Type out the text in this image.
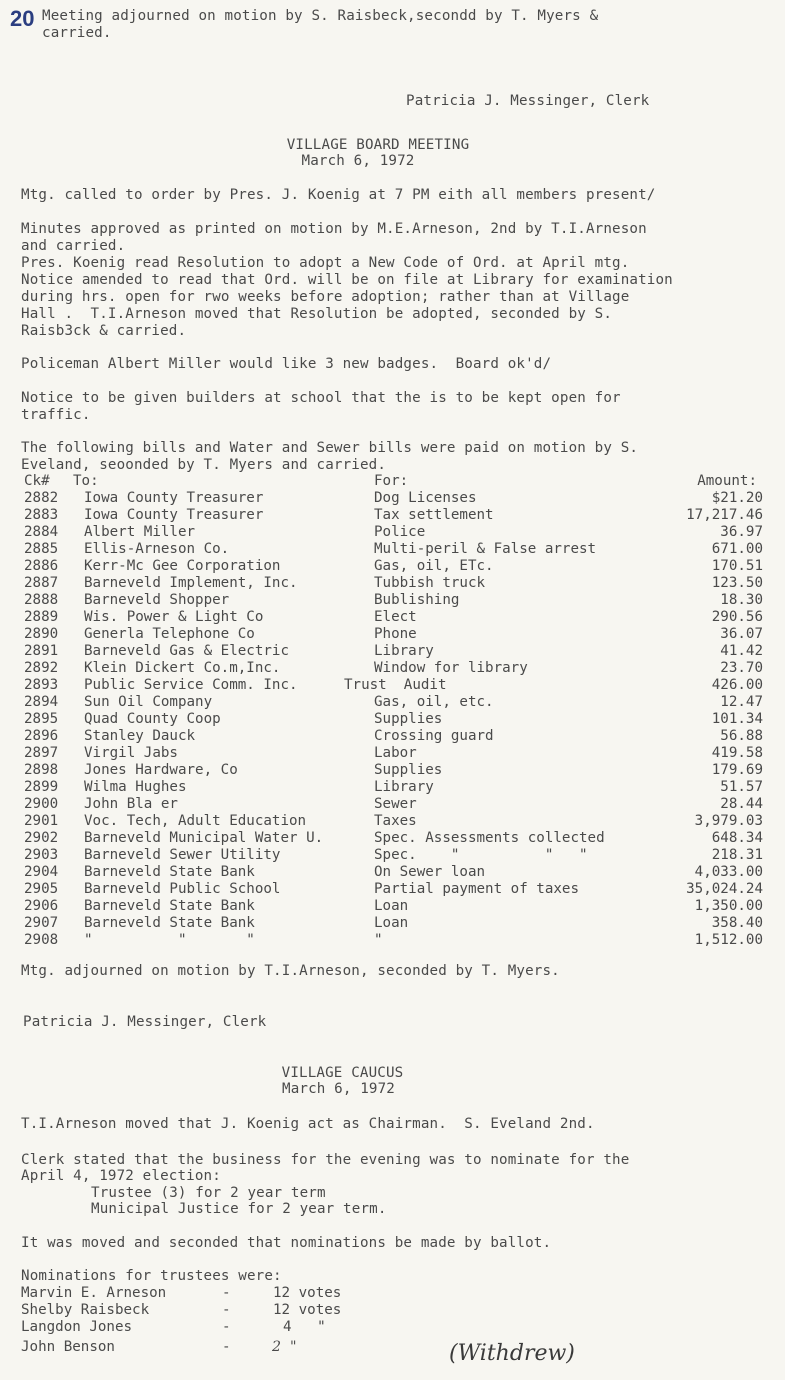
20 Meeting adjourned on motion by S. Raisbeck,secondd by T. Myers &
carried.
Patricia J. Messinger, Clerk
VILLAGE BOARD MEETING
March 6, 1972
Mtg. called to order by Pres. J. Koenig at 7 PM eith all members present/
Minutes approved as printed on motion by M.E.Arneson, 2nd by T.I.Arneson
and carried.
Pres. Koenig read Resolution to adopt a New Code of Ord. at April mtg.
Notice amended to read that Ord. will be on file at Library for examination
during hrs. open for rwo weeks before adoption; rather than at Village
Hall .  T.I.Arneson moved that Resolution be adopted, seconded by S.
Raisb3ck & carried.
Policeman Albert Miller would like 3 new badges.  Board ok'd/
Notice to be given builders at school that the is to be kept open for
traffic.
The following bills and Water and Sewer bills were paid on motion by S.
Eveland, seoonded by T. Myers and carried.
Ck# To:	For:	Amount:
2882 Iowa County Treasurer	Dog Licenses	$21.20
2883 Iowa County Treasurer	Tax settlement	17,217.46
2884 Albert Miller	Police	36.97
2885 Ellis-Arneson Co.	Multi-peril & False arrest	671.00
2886 Kerr-Mc Gee Corporation	Gas, oil, ETc.	170.51
2887 Barneveld Implement, Inc.	Tubbish truck	123.50
2888 Barneveld Shopper	Bublishing	18.30
2889 Wis. Power & Light Co	Elect	290.56
2890 Generla Telephone Co	Phone	36.07
2891 Barneveld Gas & Electric	Library	41.42
2892 Klein Dickert Co.m,Inc.	Window for library	23.70
2893 Public Service Comm. Inc.	Trust  Audit	426.00
2894 Sun Oil Company	Gas, oil, etc.	12.47
2895 Quad County Coop	Supplies	101.34
2896 Stanley Dauck	Crossing guard	56.88
2897 Virgil Jabs	Labor	419.58
2898 Jones Hardware, Co	Supplies	179.69
2899 Wilma Hughes	Library	51.57
2900 John Bla er	Sewer	28.44
2901 Voc. Tech, Adult Education	Taxes	3,979.03
2902 Barneveld Municipal Water U.	Spec. Assessments collected	648.34
2903 Barneveld Sewer Utility	Spec.    "          "   "	218.31
2904 Barneveld State Bank	On Sewer loan	4,033.00
2905 Barneveld Public School	Partial payment of taxes	35,024.24
2906 Barneveld State Bank	Loan	1,350.00
2907 Barneveld State Bank	Loan	358.40
2908 "          "       "	"	1,512.00
Mtg. adjourned on motion by T.I.Arneson, seconded by T. Myers.
Patricia J. Messinger, Clerk
VILLAGE CAUCUS
March 6, 1972
T.I.Arneson moved that J. Koenig act as Chairman.  S. Eveland 2nd.
Clerk stated that the business for the evening was to nominate for the
April 4, 1972 election:
Trustee (3) for 2 year term
Municipal Justice for 2 year term.
It was moved and seconded that nominations be made by ballot.
Nominations for trustees were:
Marvin E. Arneson	-	12 votes
Shelby Raisbeck	-	12 votes
Langdon Jones	-	4   "
John Benson	-	2  "	(Withdrew)
